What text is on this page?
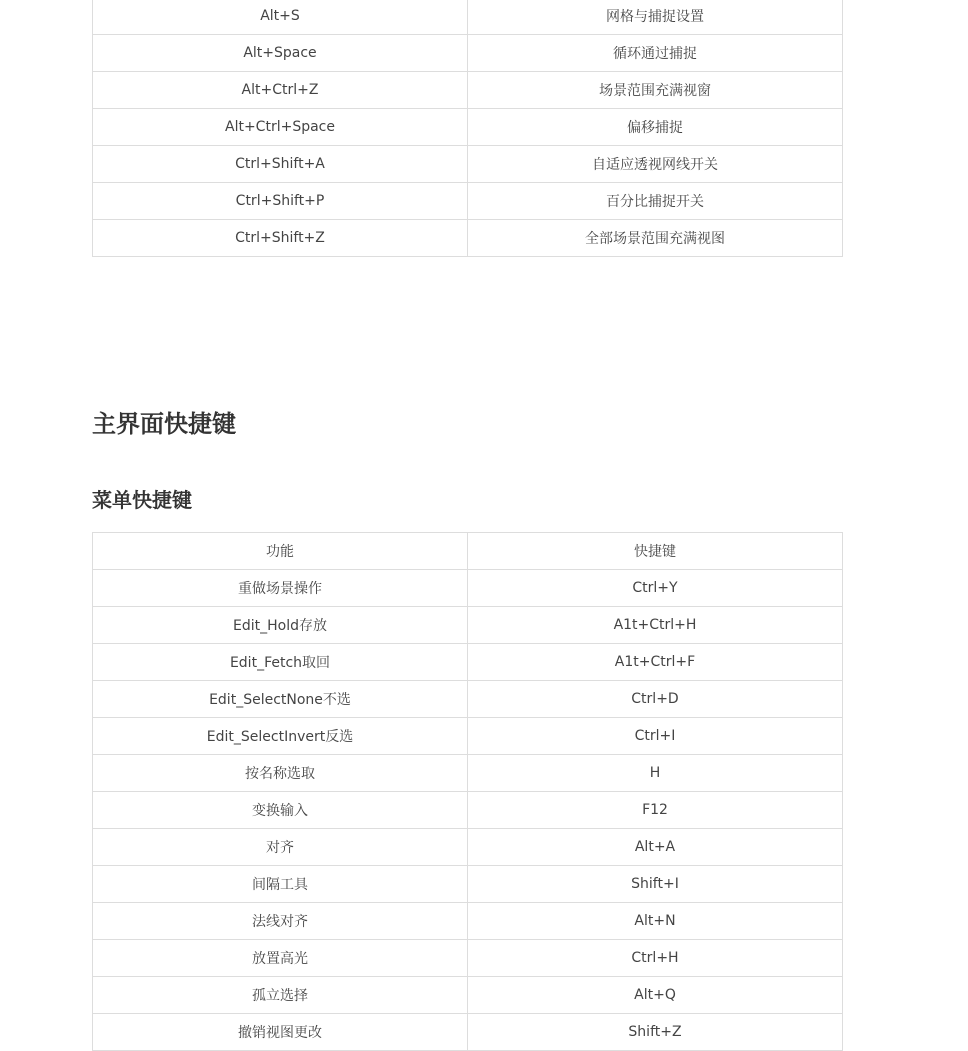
Alt+S	网格与捕捉设置
Alt+Space	循环通过捕捉
Alt+Ctrl+Z	场景范围充满视窗
Alt+Ctrl+Space	偏移捕捉
Ctrl+Shift+A	自适应透视网线开关
Ctrl+Shift+P	百分比捕捉开关
Ctrl+Shift+Z	全部场景范围充满视图
主界面快捷键
菜单快捷键
功能	快捷键
重做场景操作	Ctrl+Y
Edit_Hold存放	A1t+Ctrl+H
Edit_Fetch取回	A1t+Ctrl+F
Edit_SelectNone不选	Ctrl+D
Edit_SelectInvert反选	Ctrl+I
按名称选取	H
变换输入	F12
对齐	Alt+A
间隔工具	Shift+I
法线对齐	Alt+N
放置高光	Ctrl+H
孤立选择	Alt+Q
撤销视图更改	Shift+Z
